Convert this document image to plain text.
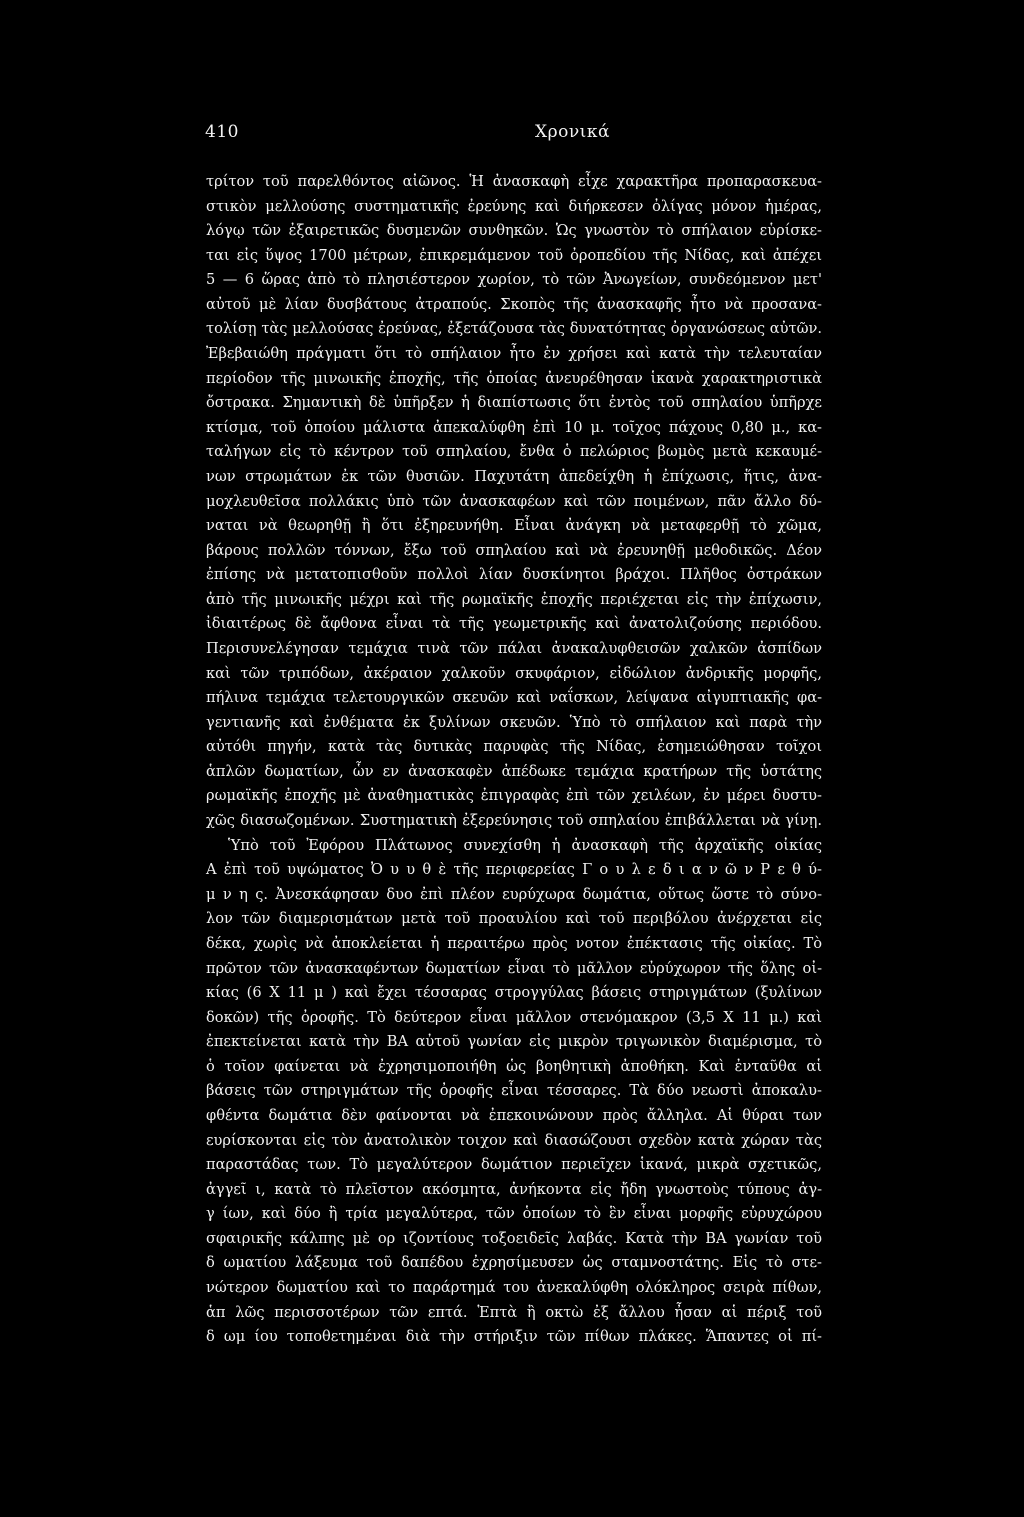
410	Χρονικά
τρίτον τοῦ παρελθόντος αἰῶνος. Ἡ ἀνασκαφὴ εἶχε χαρακτῆρα προπαρασκευα-
στικὸν μελλούσης συστηματικῆς ἐρεύνης καὶ διήρκεσεν ὀλίγας μόνον ἡμέρας,
λόγῳ τῶν ἐξαιρετικῶς δυσμενῶν συνθηκῶν. Ὡς γνωστὸν τὸ σπήλαιον εὑρίσκε-
ται εἰς ὕψος 1700 μέτρων, ἐπικρεμάμενον τοῦ ὀροπεδίου τῆς Νίδας, καὶ ἀπέχει
5 — 6 ὥρας ἀπὸ τὸ πλησιέστερον χωρίον, τὸ τῶν Ἀνωγείων, συνδεόμενον μετ'
αὐτοῦ μὲ λίαν δυσβάτους ἀτραπούς. Σκοπὸς τῆς ἀνασκαφῆς ἦτο νὰ προσανα-
τολίσῃ τὰς μελλούσας ἐρεύνας, ἐξετάζουσα τὰς δυνατότητας ὀργανώσεως αὐτῶν.
Ἐβεβαιώθη πράγματι ὅτι τὸ σπήλαιον ἦτο ἐν χρήσει καὶ κατὰ τὴν τελευταίαν
περίοδον τῆς μινωικῆς ἐποχῆς, τῆς ὁποίας ἀνευρέθησαν ἱκανὰ χαρακτηριστικὰ
ὄστρακα. Σημαντικὴ δὲ ὑπῆρξεν ἡ διαπίστωσις ὅτι ἐντὸς τοῦ σπηλαίου ὑπῆρχε
κτίσμα, τοῦ ὁποίου μάλιστα ἀπεκαλύφθη ἐπὶ 10 μ. τοῖχος πάχους 0,80 μ., κα-
ταλήγων εἰς τὸ κέντρον τοῦ σπηλαίου, ἔνθα ὁ πελώριος βωμὸς μετὰ κεκαυμέ-
νων στρωμάτων ἐκ τῶν θυσιῶν. Παχυτάτη ἀπεδείχθη ἡ ἐπίχωσις, ἥτις, ἀνα-
μοχλευθεῖσα πολλάκις ὑπὸ τῶν ἀνασκαφέων καὶ τῶν ποιμένων, πᾶν ἄλλο δύ-
ναται νὰ θεωρηθῇ ἢ ὅτι ἐξηρευνήθη. Εἶναι ἀνάγκη νὰ μεταφερθῇ τὸ χῶμα,
βάρους πολλῶν τόννων, ἔξω τοῦ σπηλαίου καὶ νὰ ἐρευνηθῇ μεθοδικῶς. Δέον
ἐπίσης νὰ μετατοπισθοῦν πολλοὶ λίαν δυσκίνητοι βράχοι. Πλῆθος ὀστράκων
ἀπὸ τῆς μινωικῆς μέχρι καὶ τῆς ρωμαϊκῆς ἐποχῆς περιέχεται εἰς τὴν ἐπίχωσιν,
ἰδιαιτέρως δὲ ἄφθονα εἶναι τὰ τῆς γεωμετρικῆς καὶ ἀνατολιζούσης περιόδου.
Περισυνελέγησαν τεμάχια τινὰ τῶν πάλαι ἀνακαλυφθεισῶν χαλκῶν ἀσπίδων
καὶ τῶν τριπόδων, ἀκέραιον χαλκοῦν σκυφάριον, εἰδώλιον ἀνδρικῆς μορφῆς,
πήλινα τεμάχια τελετουργικῶν σκευῶν καὶ ναΐσκων, λείψανα αἰγυπτιακῆς φα-
γεντιανῆς καὶ ἐνθέματα ἐκ ξυλίνων σκευῶν. Ὑπὸ τὸ σπήλαιον καὶ παρὰ τὴν
αὐτόθι πηγήν, κατὰ τὰς δυτικὰς παρυφὰς τῆς Νίδας, ἐσημειώθησαν τοῖχοι
ἁπλῶν δωματίων, ὧν εν ἀνασκαφὲν ἀπέδωκε τεμάχια κρατήρων τῆς ὑστάτης
ρωμαϊκῆς ἐποχῆς μὲ ἀναθηματικὰς ἐπιγραφὰς ἐπὶ τῶν χειλέων, ἐν μέρει δυστυ-
χῶς διασωζομένων. Συστηματικὴ ἐξερεύνησις τοῦ σπηλαίου ἐπιβάλλεται νὰ γίνῃ.
Ὑπὸ τοῦ Ἐφόρου Πλάτωνος συνεχίσθη ἡ ἀνασκαφὴ τῆς ἀρχαϊκῆς οἰκίας
Α ἐπὶ τοῦ υψώματος Ὀ υ υ θ ὲ τῆς περιφερείας Γ ο υ λ ε δ ι α ν ῶ ν Ρ ε θ ύ-
μ ν η ς. Ἀνεσκάφησαν δυο ἐπὶ πλέον ευρύχωρα δωμάτια, οὕτως ὥστε τὸ σύνο-
λον τῶν διαμερισμάτων μετὰ τοῦ προαυλίου καὶ τοῦ περιβόλου ἀνέρχεται εἰς
δέκα, χωρὶς νὰ ἀποκλείεται ἡ περαιτέρω πρὸς νοτον ἐπέκτασις τῆς οἰκίας. Τὸ
πρῶτον τῶν ἀνασκαφέντων δωματίων εἶναι τὸ μᾶλλον εὐρύχωρον τῆς ὅλης οἰ-
κίας (6 X 11 μ ) καὶ ἔχει τέσσαρας στρογγύλας βάσεις στηριγμάτων (ξυλίνων
δοκῶν) τῆς ὀροφῆς. Τὸ δεύτερον εἶναι μᾶλλον στενόμακρον (3,5 X 11 μ.) καὶ
ἐπεκτείνεται κατὰ τὴν ΒΑ αὐτοῦ γωνίαν εἰς μικρὸν τριγωνικὸν διαμέρισμα, τὸ
ὁ τοῖον φαίνεται νὰ ἐχρησιμοποιήθη ὡς βοηθητικὴ ἀποθήκη. Καὶ ἐνταῦθα αἱ
βάσεις τῶν στηριγμάτων τῆς ὀροφῆς εἶναι τέσσαρες. Τὰ δύο νεωστὶ ἀποκαλυ-
φθέντα δωμάτια δὲν φαίνονται νὰ ἐπεκοινώνουν πρὸς ἄλληλα. Αἱ θύραι των
ευρίσκονται εἰς τὸν ἀνατολικὸν τοιχον καὶ διασώζουσι σχεδὸν κατὰ χώραν τὰς
παραστάδας των. Τὸ μεγαλύτερον δωμάτιον περιεῖχεν ἱκανά, μικρὰ σχετικῶς,
ἀγγεῖ ι, κατὰ τὸ πλεῖστον ακόσμητα, ἀνήκοντα εἰς ἤδη γνωστοὺς τύπους ἀγ-
γ ίων, καὶ δύο ἢ τρία μεγαλύτερα, τῶν ὁποίων τὸ ἓν εἶναι μορφῆς εὐρυχώρου
σφαιρικῆς κάλπης μὲ ορ ιζοντίους τοξοειδεῖς λαβάς. Κατὰ τὴν ΒΑ γωνίαν τοῦ
δ ωματίου λάξευμα τοῦ δαπέδου ἐχρησίμευσεν ὡς σταμνοστάτης. Εἰς τὸ στε-
νώτερον δωματίου καὶ το παράρτημά του ἀνεκαλύφθη ολόκληρος σειρὰ πίθων,
ἁπ λῶς περισσοτέρων τῶν επτά. Ἑπτὰ ἢ οκτὼ ἐξ ἄλλου ἦσαν αἱ πέριξ τοῦ
δ ωμ ίου τοποθετημέναι διὰ τὴν στήριξιν τῶν πίθων πλάκες. Ἅπαντες οἱ πί-
